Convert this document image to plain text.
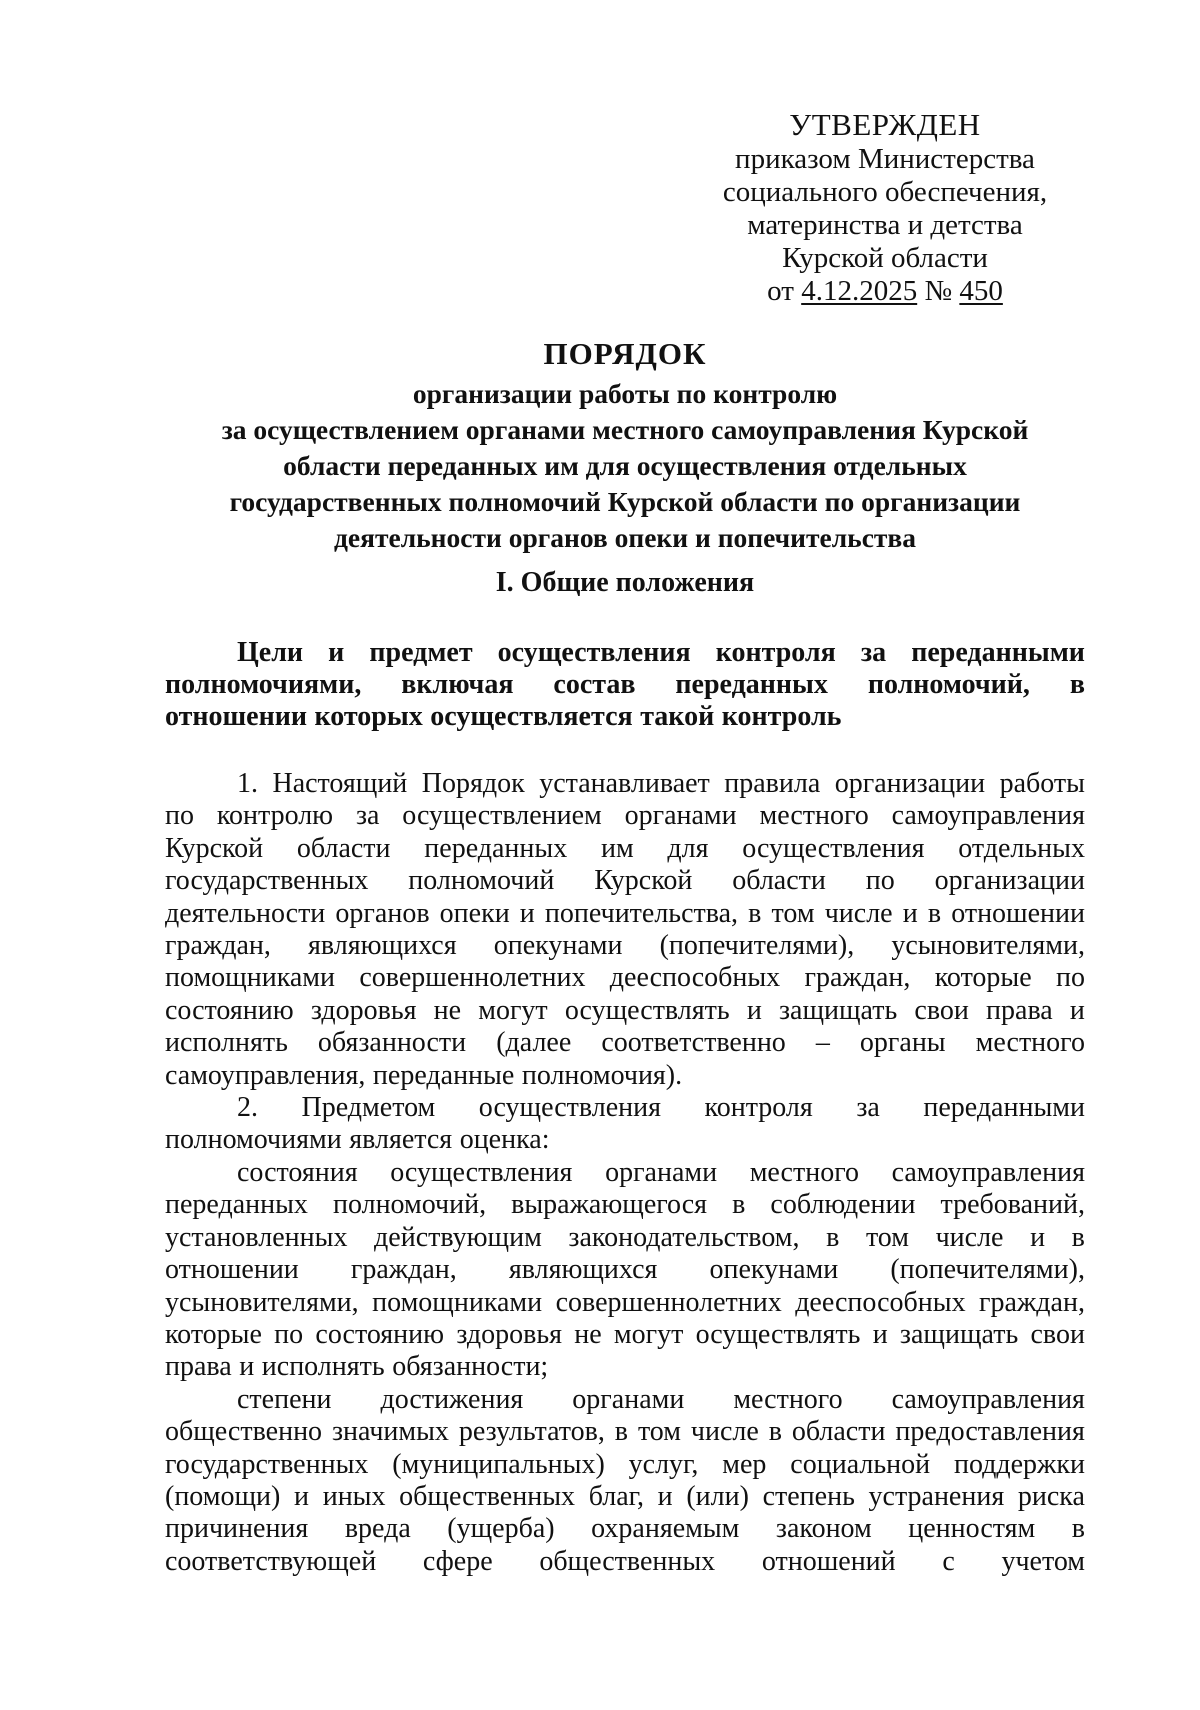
УТВЕРЖДЕН
приказом Министерства
социального обеспечения,
материнства и детства
Курской области
от 4.12.2025 № 450
ПОРЯДОК
организации работы по контролю
за осуществлением органами местного самоуправления Курской
области переданных им для осуществления отдельных
государственных полномочий Курской области по организации
деятельности органов опеки и попечительства
I. Общие положения
Цели и предмет осуществления контроля за переданными
полномочиями, включая состав переданных полномочий, в
отношении которых осуществляется такой контроль
1. Настоящий Порядок устанавливает правила организации работы
по контролю за осуществлением органами местного самоуправления
Курской области переданных им для осуществления отдельных
государственных полномочий Курской области по организации
деятельности органов опеки и попечительства, в том числе и в отношении
граждан, являющихся опекунами (попечителями), усыновителями,
помощниками совершеннолетних дееспособных граждан, которые по
состоянию здоровья не могут осуществлять и защищать свои права и
исполнять обязанности (далее соответственно – органы местного
самоуправления, переданные полномочия).
2. Предметом осуществления контроля за переданными
полномочиями является оценка:
состояния осуществления органами местного самоуправления
переданных полномочий, выражающегося в соблюдении требований,
установленных действующим законодательством, в том числе и в
отношении граждан, являющихся опекунами (попечителями),
усыновителями, помощниками совершеннолетних дееспособных граждан,
которые по состоянию здоровья не могут осуществлять и защищать свои
права и исполнять обязанности;
степени достижения органами местного самоуправления
общественно значимых результатов, в том числе в области предоставления
государственных (муниципальных) услуг, мер социальной поддержки
(помощи) и иных общественных благ, и (или) степень устранения риска
причинения вреда (ущерба) охраняемым законом ценностям в
соответствующей сфере общественных отношений с учетом
